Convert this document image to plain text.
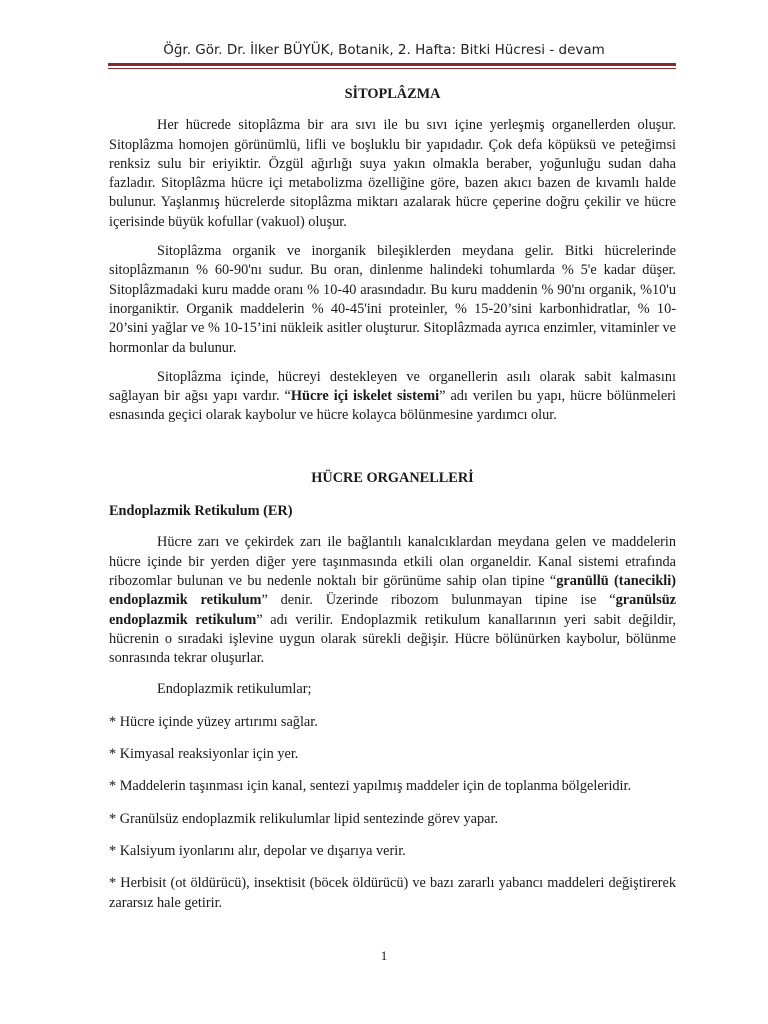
Öğr. Gör. Dr. İlker BÜYÜK, Botanik, 2. Hafta: Bitki Hücresi - devam
SİTOPLÂZMA

Her hücrede sitoplâzma bir ara sıvı ile bu sıvı içine yerleşmiş organellerden oluşur. Sitoplâzma homojen görünümlü, lifli ve boşluklu bir yapıdadır. Çok defa köpüksü ve peteğimsi renksiz sulu bir eriyiktir. Özgül ağırlığı suya yakın olmakla beraber, yoğunluğu sudan daha fazladır. Sitoplâzma hücre içi metabolizma özelliğine göre, bazen akıcı bazen de kıvamlı halde bulunur. Yaşlanmış hücrelerde sitoplâzma miktarı azalarak hücre çeperine doğru çekilir ve hücre içerisinde büyük kofullar (vakuol) oluşur.

Sitoplâzma organik ve inorganik bileşiklerden meydana gelir. Bitki hücrelerinde sitoplâzmanın % 60-90'nı sudur. Bu oran, dinlenme halindeki tohumlarda % 5'e kadar düşer. Sitoplâzmadaki kuru madde oranı % 10-40 arasındadır. Bu kuru maddenin % 90'nı organik, %10'u inorganiktir. Organik maddelerin % 40-45'ini proteinler, % 15-20’sini karbonhidratlar, % 10-20’sini yağlar ve % 10-15’ini nükleik asitler oluşturur. Sitoplâzmada ayrıca enzimler, vitaminler ve hormonlar da bulunur.

Sitoplâzma içinde, hücreyi destekleyen ve organellerin asılı olarak sabit kalmasını sağlayan bir ağsı yapı vardır. “Hücre içi iskelet sistemi” adı verilen bu yapı, hücre bölünmeleri esnasında geçici olarak kaybolur ve hücre kolayca bölünmesine yardımcı olur.

HÜCRE ORGANELLERİ
Endoplazmik Retikulum (ER)

Hücre zarı ve çekirdek zarı ile bağlantılı kanalcıklardan meydana gelen ve maddelerin hücre içinde bir yerden diğer yere taşınmasında etkili olan organeldir. Kanal sistemi etrafında ribozomlar bulunan ve bu nedenle noktalı bir görünüme sahip olan tipine “granüllü (tanecikli) endoplazmik retikulum” denir. Üzerinde ribozom bulunmayan tipine ise “granülsüz endoplazmik retikulum” adı verilir. Endoplazmik retikulum kanallarının yeri sabit değildir, hücrenin o sıradaki işlevine uygun olarak sürekli değişir. Hücre bölünürken kaybolur, bölünme sonrasında tekrar oluşurlar.

Endoplazmik retikulumlar;

* Hücre içinde yüzey artırımı sağlar.
* Kimyasal reaksiyonlar için yer.
* Maddelerin taşınması için kanal, sentezi yapılmış maddeler için de toplanma bölgeleridir.
* Granülsüz endoplazmik relikulumlar lipid sentezinde görev yapar.
* Kalsiyum iyonlarını alır, depolar ve dışarıya verir.
* Herbisit (ot öldürücü), insektisit (böcek öldürücü) ve bazı zararlı yabancı maddeleri değiştirerek zararsız hale getirir.
1
